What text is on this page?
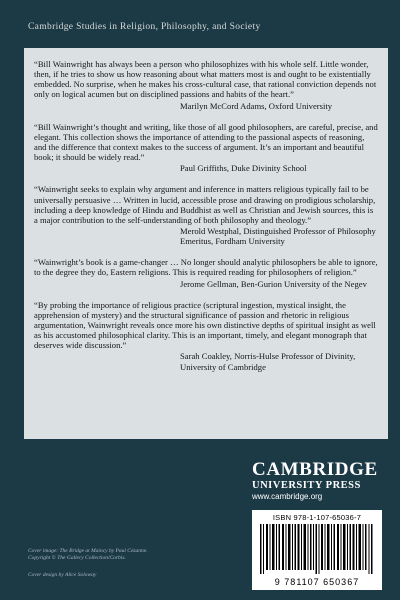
Cambridge Studies in Religion, Philosophy, and Society

“Bill Wainwright has always been a person who philosophizes with his whole self. Little wonder, then, if he tries to show us how reasoning about what matters most is and ought to be existentially embedded. No surprise, when he makes his cross-cultural case, that rational conviction depends not only on logical acumen but on disciplined passions and habits of the heart.”

Marilyn McCord Adams, Oxford University

“Bill Wainwright’s thought and writing, like those of all good philosophers, are careful, precise, and elegant. This collection shows the importance of attending to the passional aspects of reasoning, and the difference that context makes to the success of argument. It’s an important and beautiful book; it should be widely read.”

Paul Griffiths, Duke Divinity School

“Wainwright seeks to explain why argument and inference in matters religious typically fail to be universally persuasive … Written in lucid, accessible prose and drawing on prodigious scholarship, including a deep knowledge of Hindu and Buddhist as well as Christian and Jewish sources, this is a major contribution to the self-understanding of both philosophy and theology.”

Merold Westphal, Distinguished Professor of Philosophy Emeritus, Fordham University

“Wainwright’s book is a game-changer … No longer should analytic philosophers be able to ignore, to the degree they do, Eastern religions. This is required reading for philosophers of religion.”

Jerome Gellman, Ben-Gurion University of the Negev

“By probing the importance of religious practice (scriptural ingestion, mystical insight, the apprehension of mystery) and the structural significance of passion and rhetoric in religious argumentation, Wainwright reveals once more his own distinctive depths of spiritual insight as well as his accustomed philosophical clarity. This is an important, timely, and elegant monograph that deserves wide discussion.”

Sarah Coakley, Norris-Hulse Professor of Divinity, University of Cambridge

CAMBRIDGE
UNIVERSITY PRESS
www.cambridge.org
ISBN 978-1-107-65036-7
9 781107 650367
Cover image: The Bridge at Maincy by Paul Cézanne. Copyright © The Gallery Collection/Corbis.
Cover design by Alice Soloway
